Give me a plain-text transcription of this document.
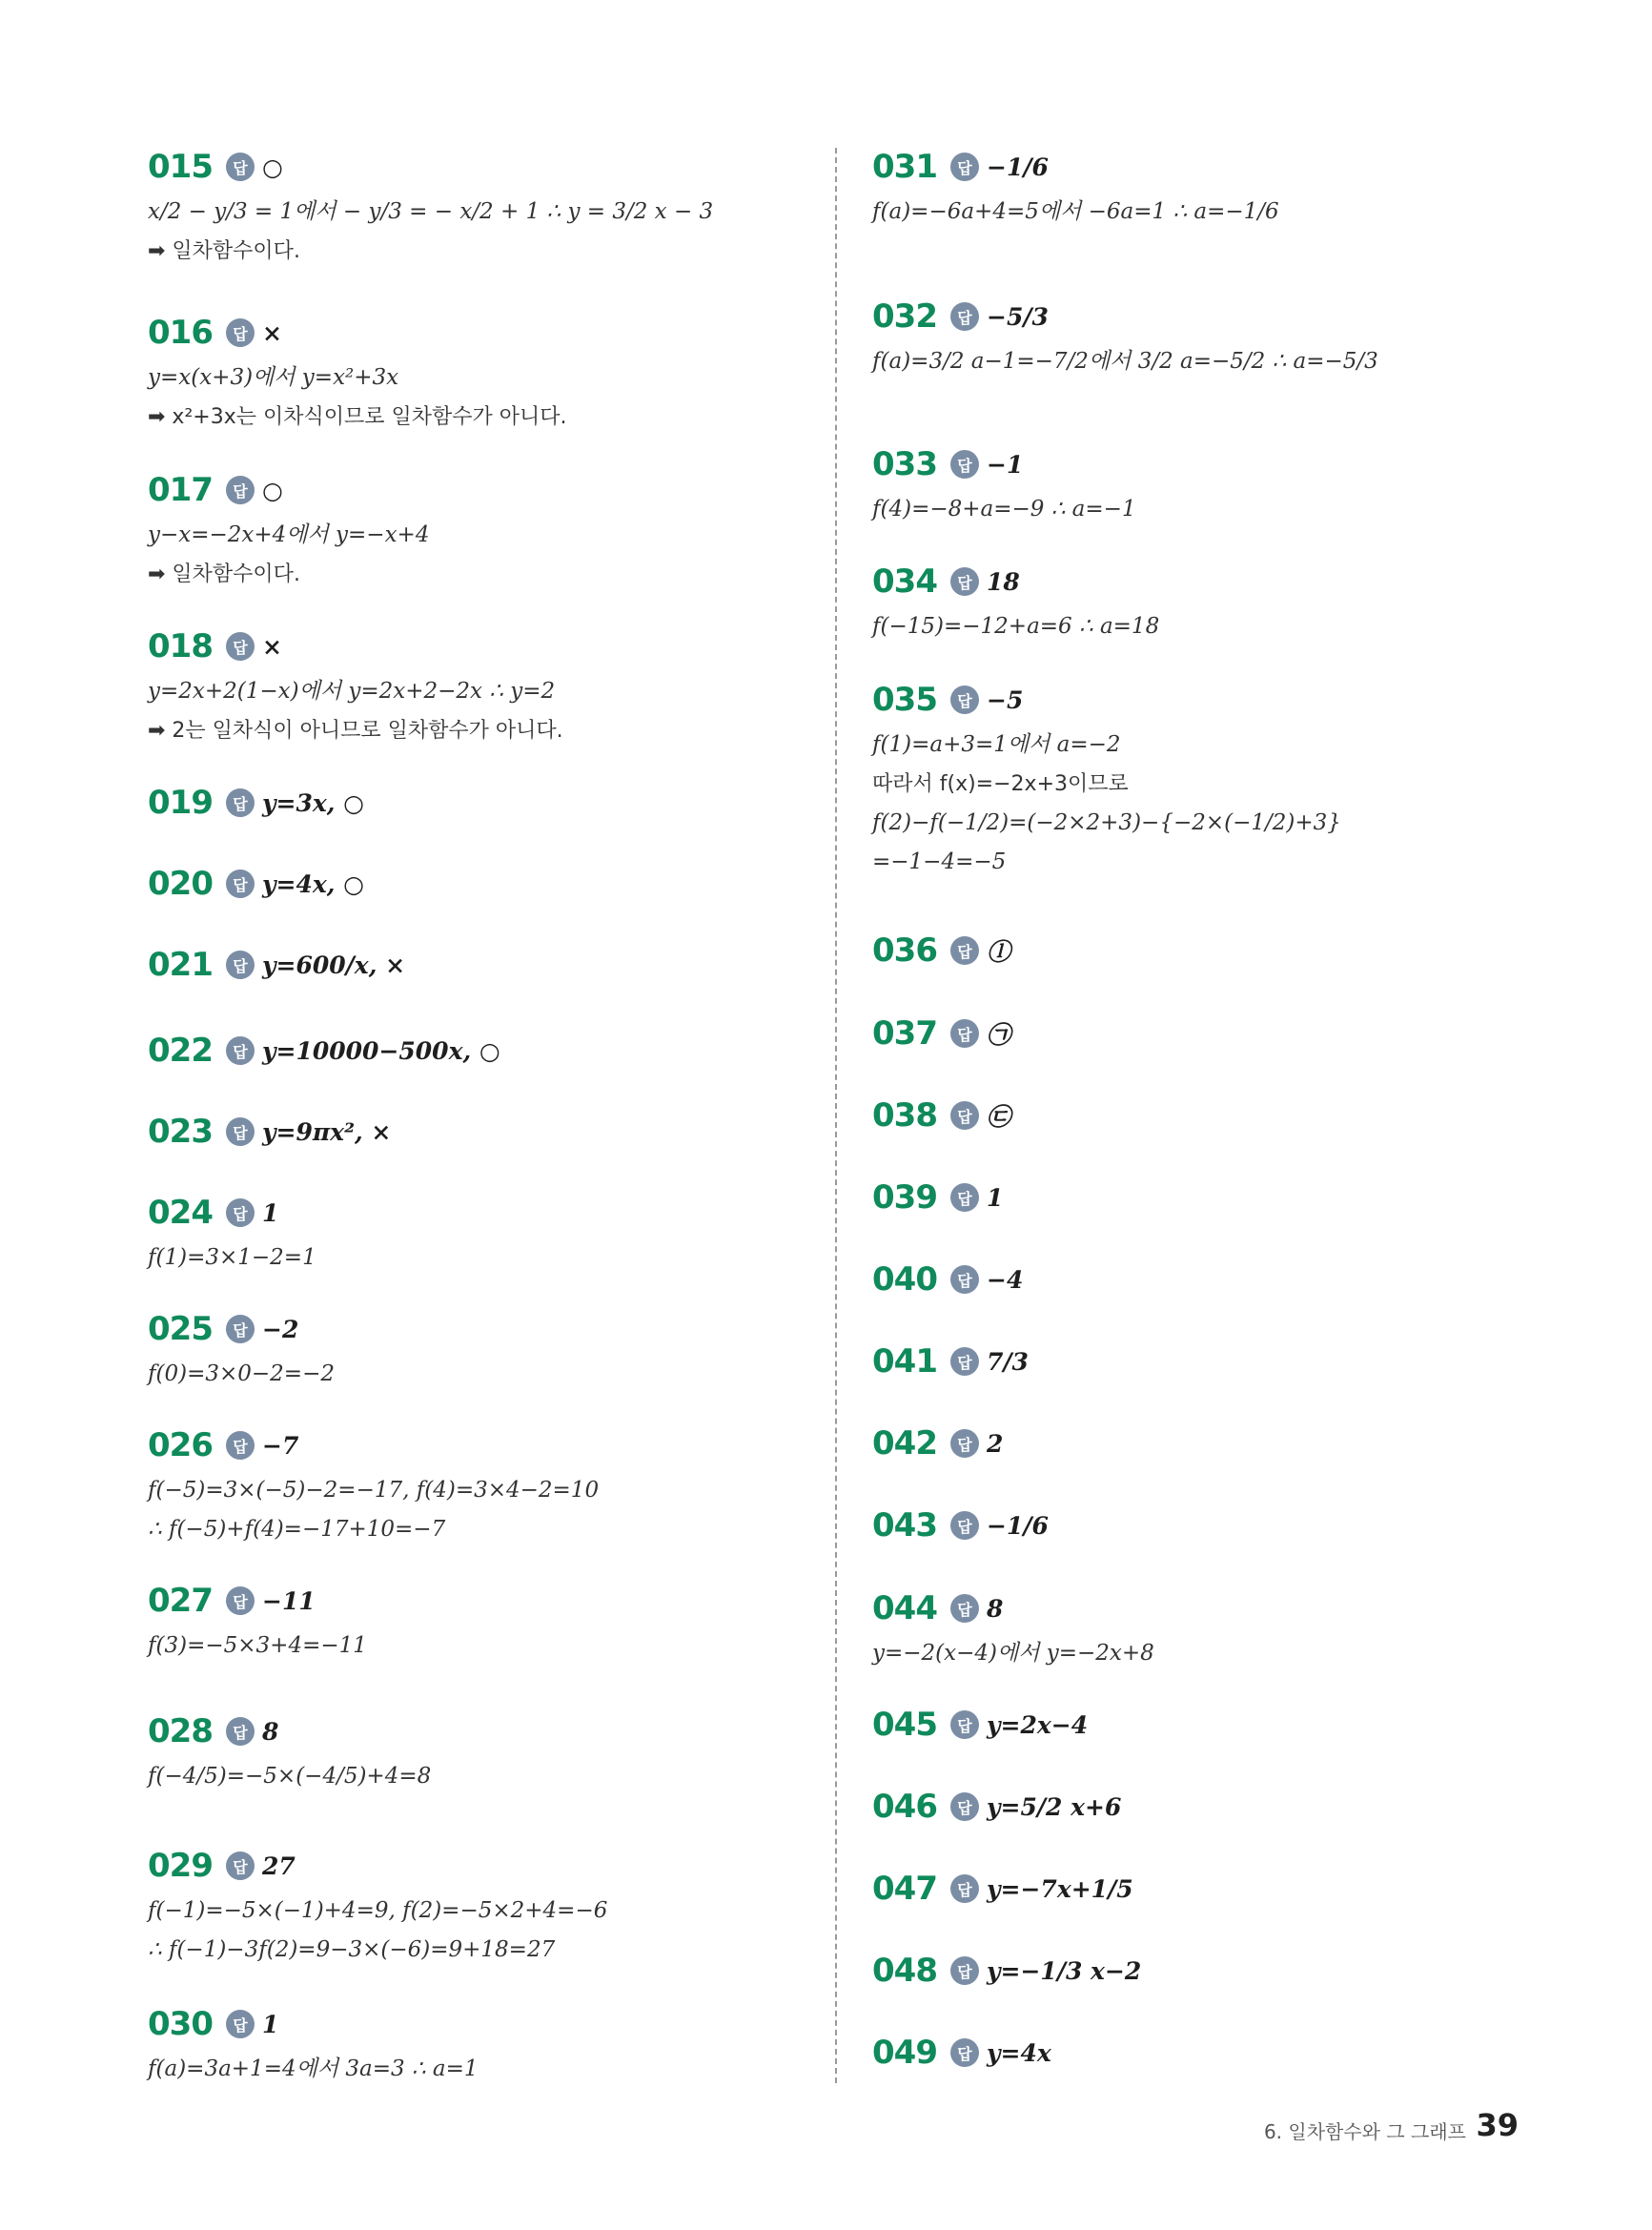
015	답 ○
x/2 − y/3 = 1에서 − y/3 = − x/2 + 1 ∴ y = 3/2 x − 3
➡ 일차함수이다.
016	답 ×
y=x(x+3)에서 y=x²+3x
➡ x²+3x는 이차식이므로 일차함수가 아니다.
017	답 ○
y−x=−2x+4에서 y=−x+4
➡ 일차함수이다.
018	답 ×
y=2x+2(1−x)에서 y=2x+2−2x ∴ y=2
➡ 2는 일차식이 아니므로 일차함수가 아니다.
019	답 y=3x, ○
020	답 y=4x, ○
021	답 y=600/x, ×
022	답 y=10000−500x, ○
023	답 y=9πx², ×
024	답 1
f(1)=3×1−2=1
025	답 −2
f(0)=3×0−2=−2
026	답 −7
f(−5)=3×(−5)−2=−17, f(4)=3×4−2=10
∴ f(−5)+f(4)=−17+10=−7
027	답 −11
f(3)=−5×3+4=−11
028	답 8
f(−4/5)=−5×(−4/5)+4=8
029	답 27
f(−1)=−5×(−1)+4=9, f(2)=−5×2+4=−6
∴ f(−1)−3f(2)=9−3×(−6)=9+18=27
030	답 1
f(a)=3a+1=4에서 3a=3 ∴ a=1
031	답 −1/6
f(a)=−6a+4=5에서 −6a=1 ∴ a=−1/6
032	답 −5/3
f(a)=3/2 a−1=−7/2에서 3/2 a=−5/2 ∴ a=−5/3
033	답 −1
f(4)=−8+a=−9 ∴ a=−1
034	답 18
f(−15)=−12+a=6 ∴ a=18
035	답 −5
f(1)=a+3=1에서 a=−2
따라서 f(x)=−2x+3이므로
f(2)−f(−1/2)=(−2×2+3)−{−2×(−1/2)+3}
=−1−4=−5
036	답 ⓛ
037	답 ㉠
038	답 ㉢
039	답 1
040	답 −4
041	답 7/3
042	답 2
043	답 −1/6
044	답 8
y=−2(x−4)에서 y=−2x+8
045	답 y=2x−4
046	답 y=5/2 x+6
047	답 y=−7x+1/5
048	답 y=−1/3 x−2
049	답 y=4x
6. 일차함수와 그 그래프 39
